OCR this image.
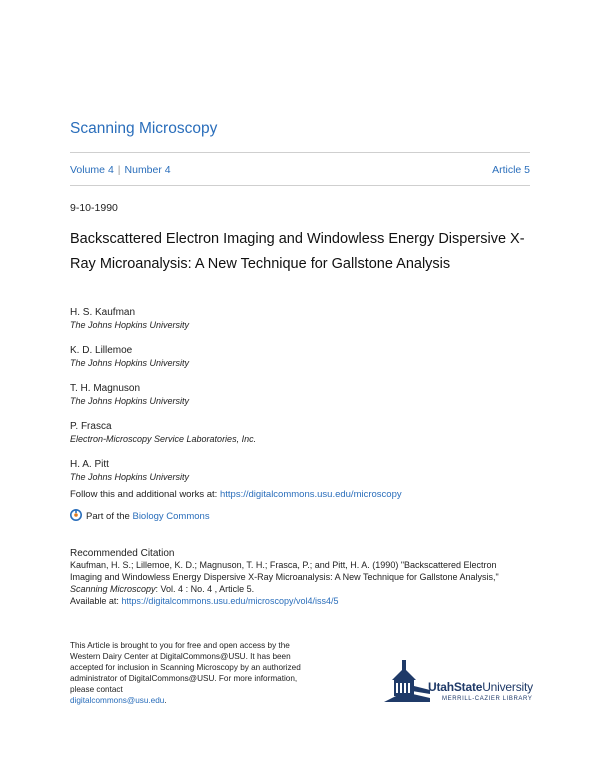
Scanning Microscopy
Volume 4 | Number 4	Article 5
9-10-1990
Backscattered Electron Imaging and Windowless Energy Dispersive X-Ray Microanalysis: A New Technique for Gallstone Analysis
H. S. Kaufman
The Johns Hopkins University
K. D. Lillemoe
The Johns Hopkins University
T. H. Magnuson
The Johns Hopkins University
P. Frasca
Electron-Microscopy Service Laboratories, Inc.
H. A. Pitt
The Johns Hopkins University
Follow this and additional works at: https://digitalcommons.usu.edu/microscopy
Part of the Biology Commons
Recommended Citation
Kaufman, H. S.; Lillemoe, K. D.; Magnuson, T. H.; Frasca, P.; and Pitt, H. A. (1990) "Backscattered Electron Imaging and Windowless Energy Dispersive X-Ray Microanalysis: A New Technique for Gallstone Analysis," Scanning Microscopy: Vol. 4 : No. 4 , Article 5.
Available at: https://digitalcommons.usu.edu/microscopy/vol4/iss4/5
This Article is brought to you for free and open access by the Western Dairy Center at DigitalCommons@USU. It has been accepted for inclusion in Scanning Microscopy by an authorized administrator of DigitalCommons@USU. For more information, please contact
digitalcommons@usu.edu.
UtahStateUniversity
MERRILL-CAZIER LIBRARY
